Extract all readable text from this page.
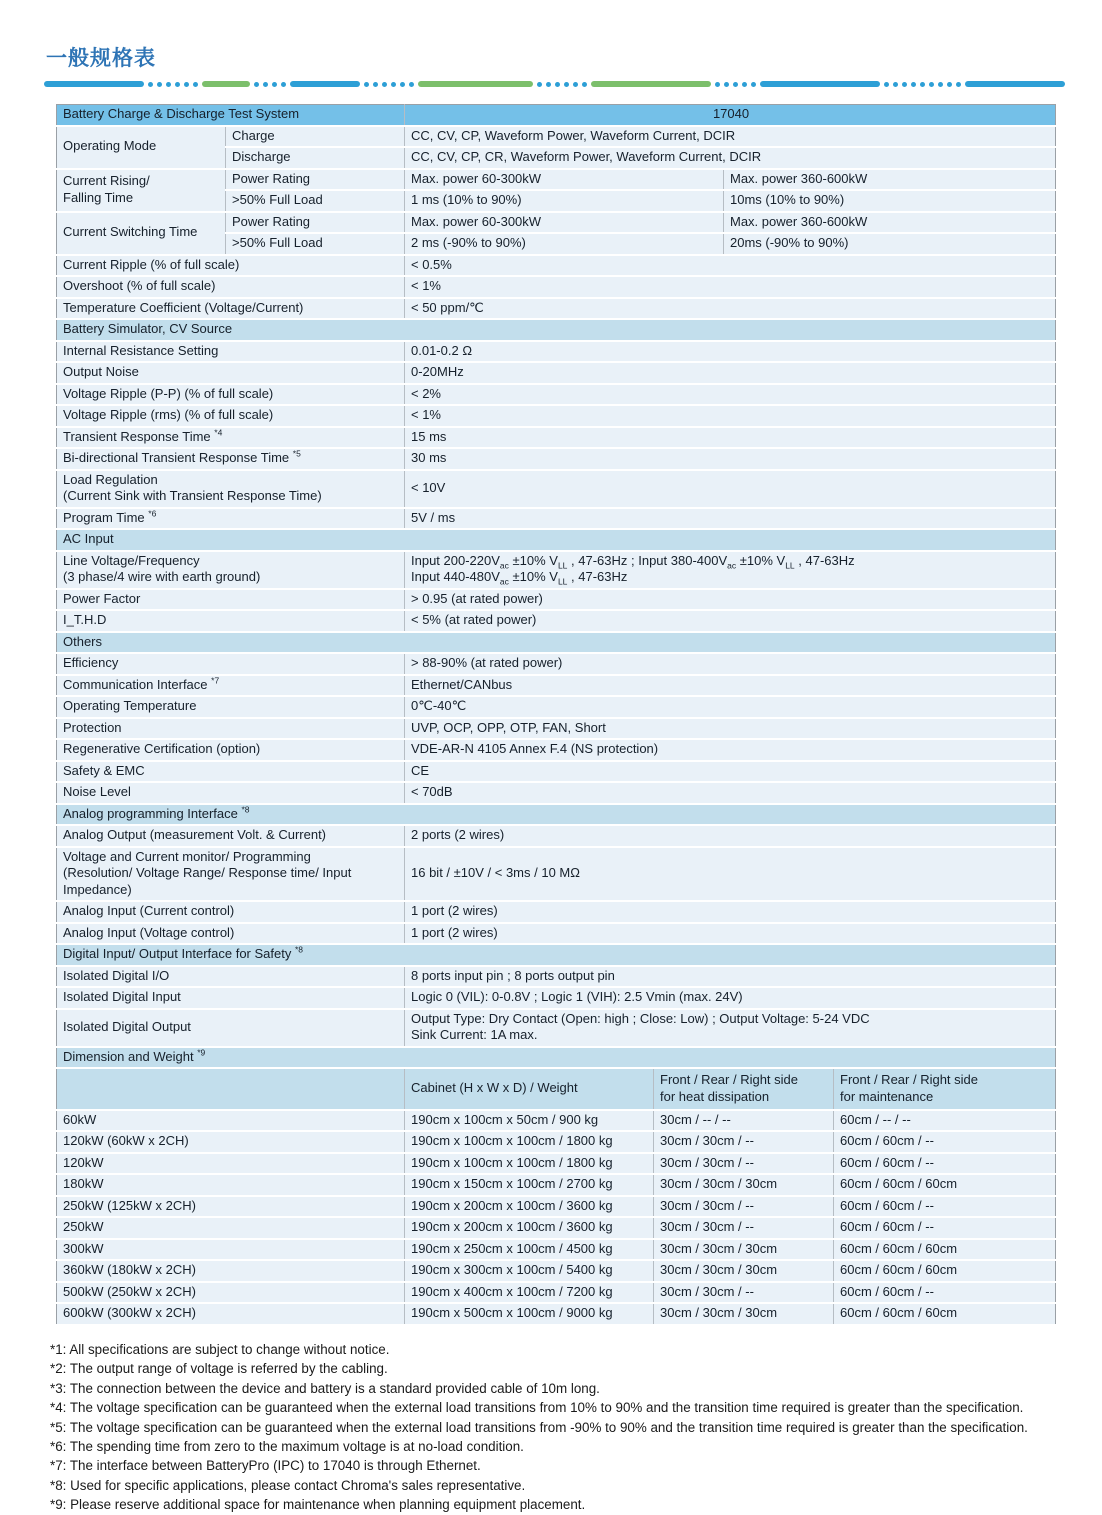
一般规格表
Battery Charge & Discharge Test System		17040			
Operating Mode	Charge	CC, CV, CP, Waveform Power, Waveform Current, DCIR			
	Discharge	CC, CV, CP, CR, Waveform Power, Waveform Current, DCIR			
Current Rising/
Falling Time	Power Rating	Max. power 60-300kW		Max. power 360-600kW	
	>50% Full Load	1 ms (10% to 90%)		10ms (10% to 90%)	
Current Switching Time	Power Rating	Max. power 60-300kW		Max. power 360-600kW	
	>50% Full Load	2 ms (-90% to 90%)		20ms (-90% to 90%)	
Current Ripple (% of full scale)		< 0.5%			
Overshoot (% of full scale)		< 1%			
Temperature Coefficient (Voltage/Current)		< 50 ppm/℃			
Battery Simulator, CV Source					
Internal Resistance Setting		0.01-0.2 Ω			
Output Noise		0-20MHz			
Voltage Ripple (P-P) (% of full scale)		< 2%			
Voltage Ripple (rms) (% of full scale)		< 1%			
Transient Response Time $^{*4}$		15 ms			
Bi-directional Transient Response Time $^{*5}$		30 ms			
Load Regulation
(Current Sink with Transient Response Time)		< 10V			
Program Time $^{*6}$		5V / ms			
AC Input					
Line Voltage/Frequency
(3 phase/4 wire with earth ground)		Input $200-220V_{ac} \pm 10\%$ $V_{LL}$ , 47-63Hz ; Input $380-400V_{ac} \pm 10\%$ $V_{LL}$ , 47-63Hz
Input $440-480V_{ac} \pm 10\%$ $V_{LL}$ , 47-63Hz			
Power Factor		> 0.95 (at rated power)			
I_T.H.D		< 5% (at rated power)			
Others					
Efficiency		> 88-90% (at rated power)			
Communication Interface $^{*7}$		Ethernet/CANbus			
Operating Temperature		0℃-40℃			
Protection		UVP, OCP, OPP, OTP, FAN, Short			
Regenerative Certification (option)		VDE-AR-N 4105 Annex F.4 (NS protection)			
Safety & EMC		CE			
Noise Level		< 70dB			
Analog programming Interface $^{*8}$
Analog Output (measurement Volt. & Current)		2 ports (2 wires)			
Voltage and Current monitor/ Programming
(Resolution/ Voltage Range/ Response time/ Input
Impedance)		16 bit / ±10V / < 3ms / 10 MΩ			
Analog Input (Current control)		1 port (2 wires)			
Analog Input (Voltage control)		1 port (2 wires)			
Digital Input/ Output Interface for Safety $^{*8}$
Isolated Digital I/O		8 ports input pin ; 8 ports output pin			
Isolated Digital Input		Logic 0 (VIL): 0-0.8V ; Logic 1 (VIH): 2.5 Vmin (max. 24V)			
Isolated Digital Output		Output Type: Dry Contact (Open: high ; Close: Low) ; Output Voltage: 5-24 VDC
Sink Current: 1A max.			
Dimension and Weight $^{*9}$
		Cabinet (H x W x D) / Weight	Front / Rear / Right side
for heat dissipation		Front / Rear / Right side
for maintenance
60kW		190cm x 100cm x 50cm / 900 kg	30cm / -- / --		60cm / -- / --
120kW (60kW x 2CH)		190cm x 100cm x 100cm / 1800 kg	30cm / 30cm / --		60cm / 60cm / --
120kW		190cm x 100cm x 100cm / 1800 kg	30cm / 30cm / --		60cm / 60cm / --
180kW		190cm x 150cm x 100cm / 2700 kg	30cm / 30cm / 30cm		60cm / 60cm / 60cm
250kW (125kW x 2CH)		190cm x 200cm x 100cm / 3600 kg	30cm / 30cm / --		60cm / 60cm / --
250kW		190cm x 200cm x 100cm / 3600 kg	30cm / 30cm / --		60cm / 60cm / --
300kW		190cm x 250cm x 100cm / 4500 kg	30cm / 30cm / 30cm		60cm / 60cm / 60cm
360kW (180kW x 2CH)		190cm x 300cm x 100cm / 5400 kg	30cm / 30cm / 30cm		60cm / 60cm / 60cm
500kW (250kW x 2CH)		190cm x 400cm x 100cm / 7200 kg	30cm / 30cm / --		60cm / 60cm / --
600kW (300kW x 2CH)		190cm x 500cm x 100cm / 9000 kg	30cm / 30cm / 30cm		60cm / 60cm / 60cm
*1: All specifications are subject to change without notice.
*2: The output range of voltage is referred by the cabling.
*3: The connection between the device and battery is a standard provided cable of 10m long.
*4: The voltage specification can be guaranteed when the external load transitions from 10% to 90% and the transition time required is greater than the specification.
*5: The voltage specification can be guaranteed when the external load transitions from -90% to 90% and the transition time required is greater than the specification.
*6: The spending time from zero to the maximum voltage is at no-load condition.
*7: The interface between BatteryPro (IPC) to 17040 is through Ethernet.
*8: Used for specific applications, please contact Chroma's sales representative.
*9: Please reserve additional space for maintenance when planning equipment placement.
